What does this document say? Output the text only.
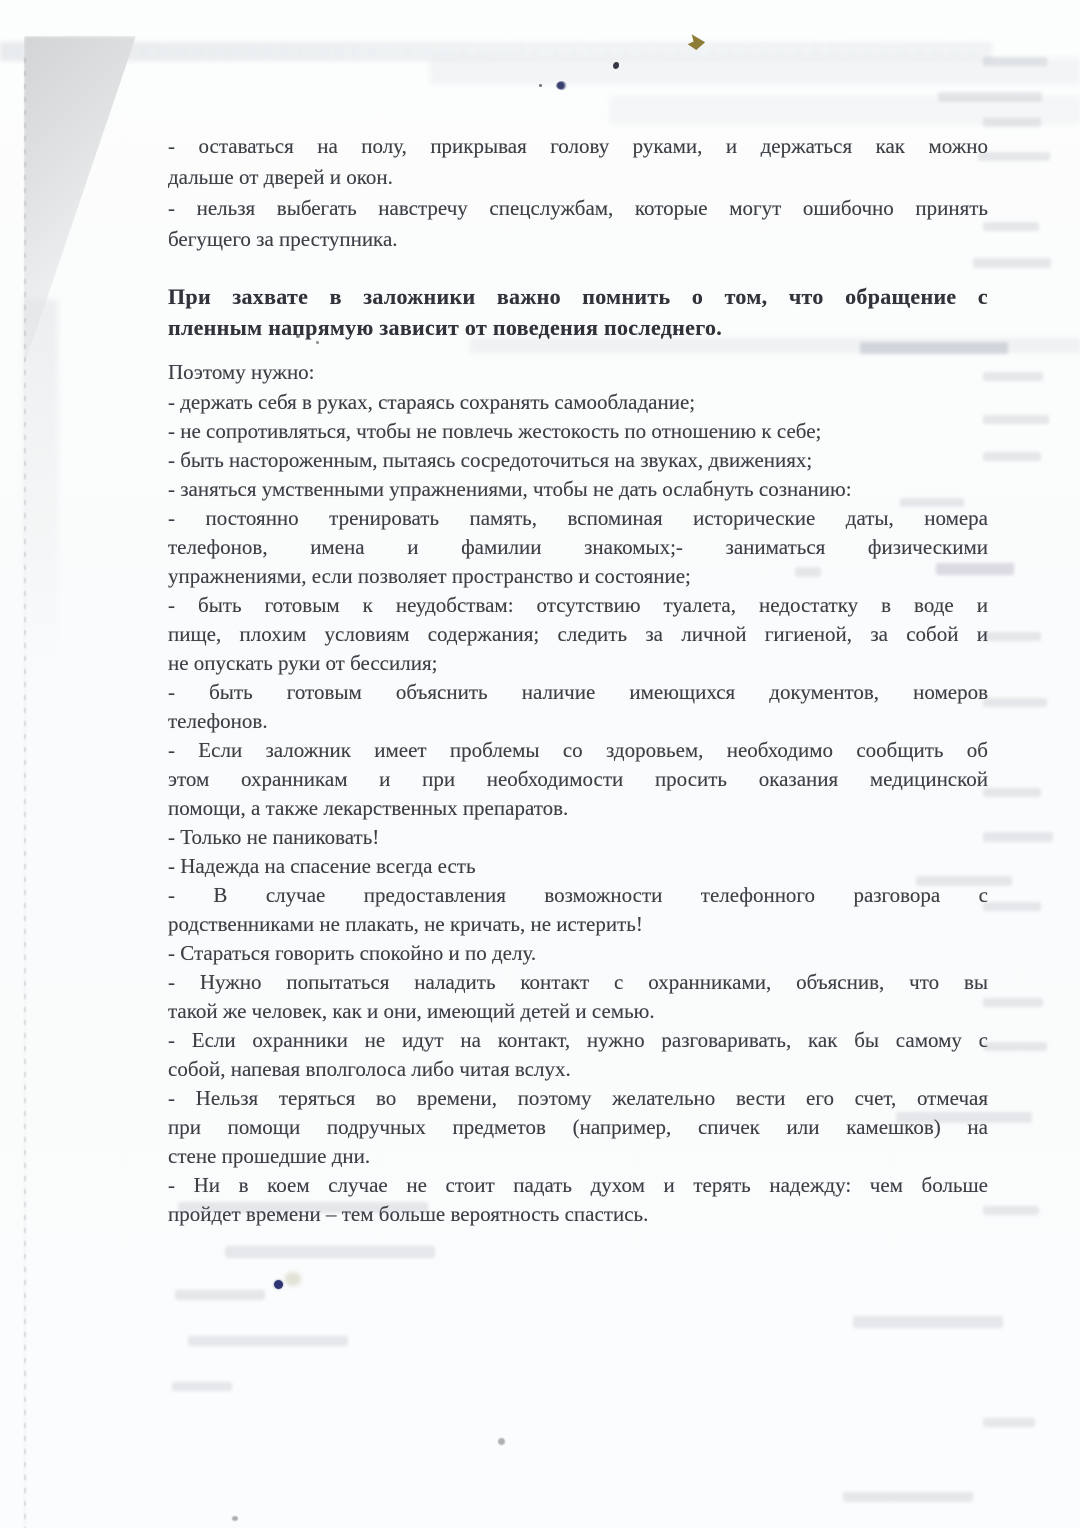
- оставаться на полу, прикрывая голову руками, и держаться как можно
дальше от дверей и окон.

- нельзя выбегать навстречу спецслужбам, которые могут ошибочно принять
бегущего за преступника.

При захвате в заложники важно помнить о том, что обращение с
пленным напрямую зависит от поведения последнего.

Поэтому нужно:

- держать себя в руках, стараясь сохранять самообладание;

- не сопротивляться, чтобы не повлечь жестокость по отношению к себе;

- быть настороженным, пытаясь сосредоточиться на звуках, движениях;

- заняться умственными упражнениями, чтобы не дать ослабнуть сознанию:

- постоянно тренировать память, вспоминая исторические даты, номера
телефонов, имена и фамилии знакомых;- заниматься физическими
упражнениями, если позволяет пространство и состояние;

- быть готовым к неудобствам: отсутствию туалета, недостатку в воде и
пище, плохим условиям содержания; следить за личной гигиеной, за собой и
не опускать руки от бессилия;

- быть готовым объяснить наличие имеющихся документов, номеров
телефонов.

- Если заложник имеет проблемы со здоровьем, необходимо сообщить об
этом охранникам и при необходимости просить оказания медицинской
помощи, а также лекарственных препаратов.

- Только не паниковать!

- Надежда на спасение всегда есть

- В случае предоставления возможности телефонного разговора с
родственниками не плакать, не кричать, не истерить!

- Стараться говорить спокойно и по делу.

- Нужно попытаться наладить контакт с охранниками, объяснив, что вы
такой же человек, как и они, имеющий детей и семью.

- Если охранники не идут на контакт, нужно разговаривать, как бы самому с
собой, напевая вполголоса либо читая вслух.

- Нельзя теряться во времени, поэтому желательно вести его счет, отмечая
при помощи подручных предметов (например, спичек или камешков) на
стене прошедшие дни.

- Ни в коем случае не стоит падать духом и терять надежду: чем больше
пройдет времени – тем больше вероятность спастись.
